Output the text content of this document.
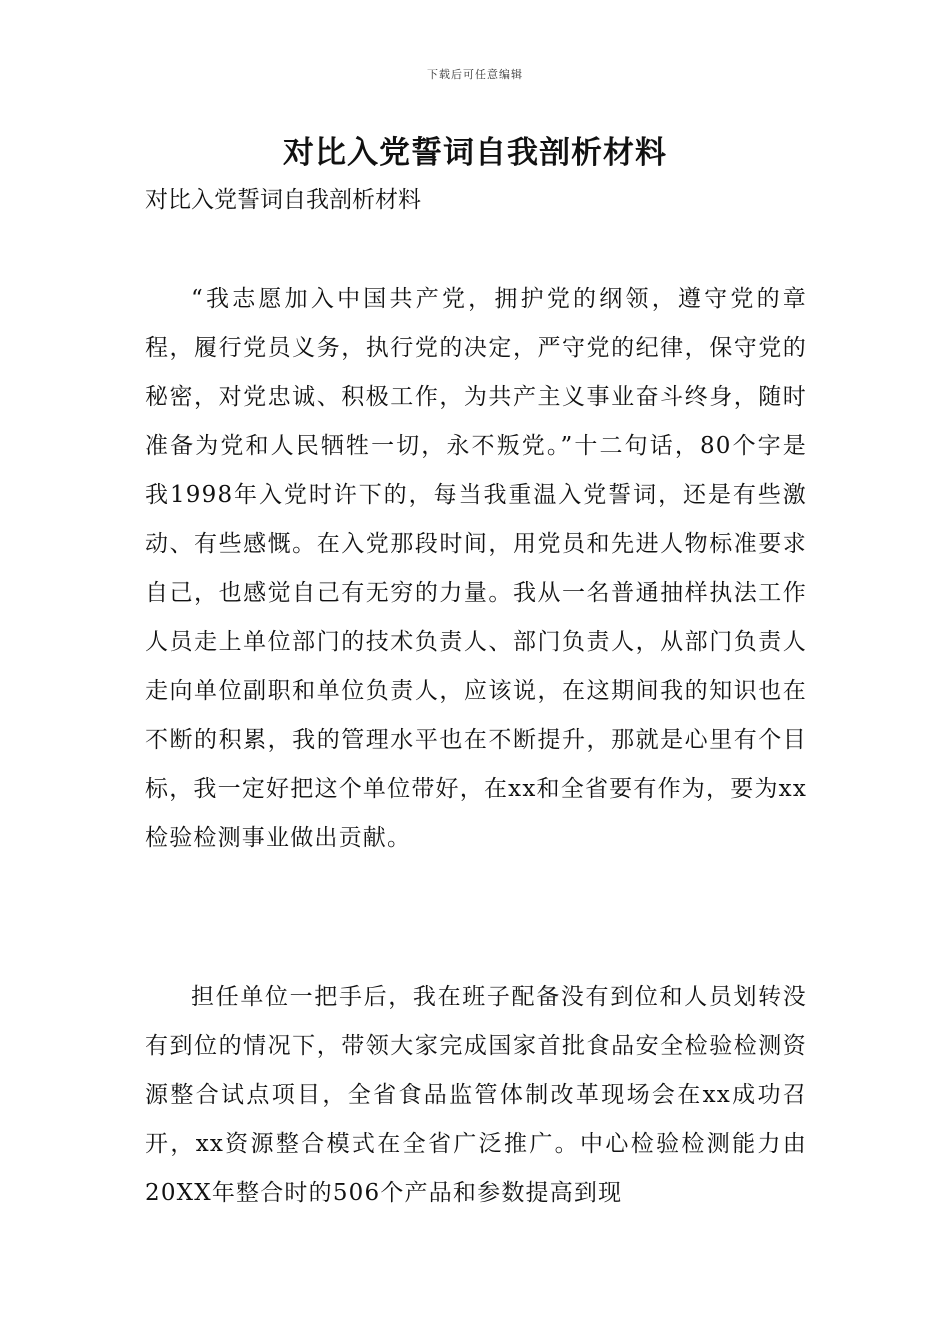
下载后可任意编辑
对比入党誓词自我剖析材料

对比入党誓词自我剖析材料

“我志愿加入中国共产党，拥护党的纲领，遵守党的章程，履行党员义务，执行党的决定，严守党的纪律，保守党的秘密，对党忠诚、积极工作，为共产主义事业奋斗终身，随时准备为党和人民牺牲一切，永不叛党。”十二句话，80个字是我1998年入党时许下的，每当我重温入党誓词，还是有些激动、有些感慨。在入党那段时间，用党员和先进人物标准要求自己，也感觉自己有无穷的力量。我从一名普通抽样执法工作人员走上单位部门的技术负责人、部门负责人，从部门负责人走向单位副职和单位负责人，应该说，在这期间我的知识也在不断的积累，我的管理水平也在不断提升，那就是心里有个目标，我一定好把这个单位带好，在xx和全省要有作为，要为xx检验检测事业做出贡献。

担任单位一把手后，我在班子配备没有到位和人员划转没有到位的情况下，带领大家完成国家首批食品安全检验检测资源整合试点项目，全省食品监管体制改革现场会在xx成功召开，xx资源整合模式在全省广泛推广。中心检验检测能力由20XX年整合时的506个产品和参数提高到现
